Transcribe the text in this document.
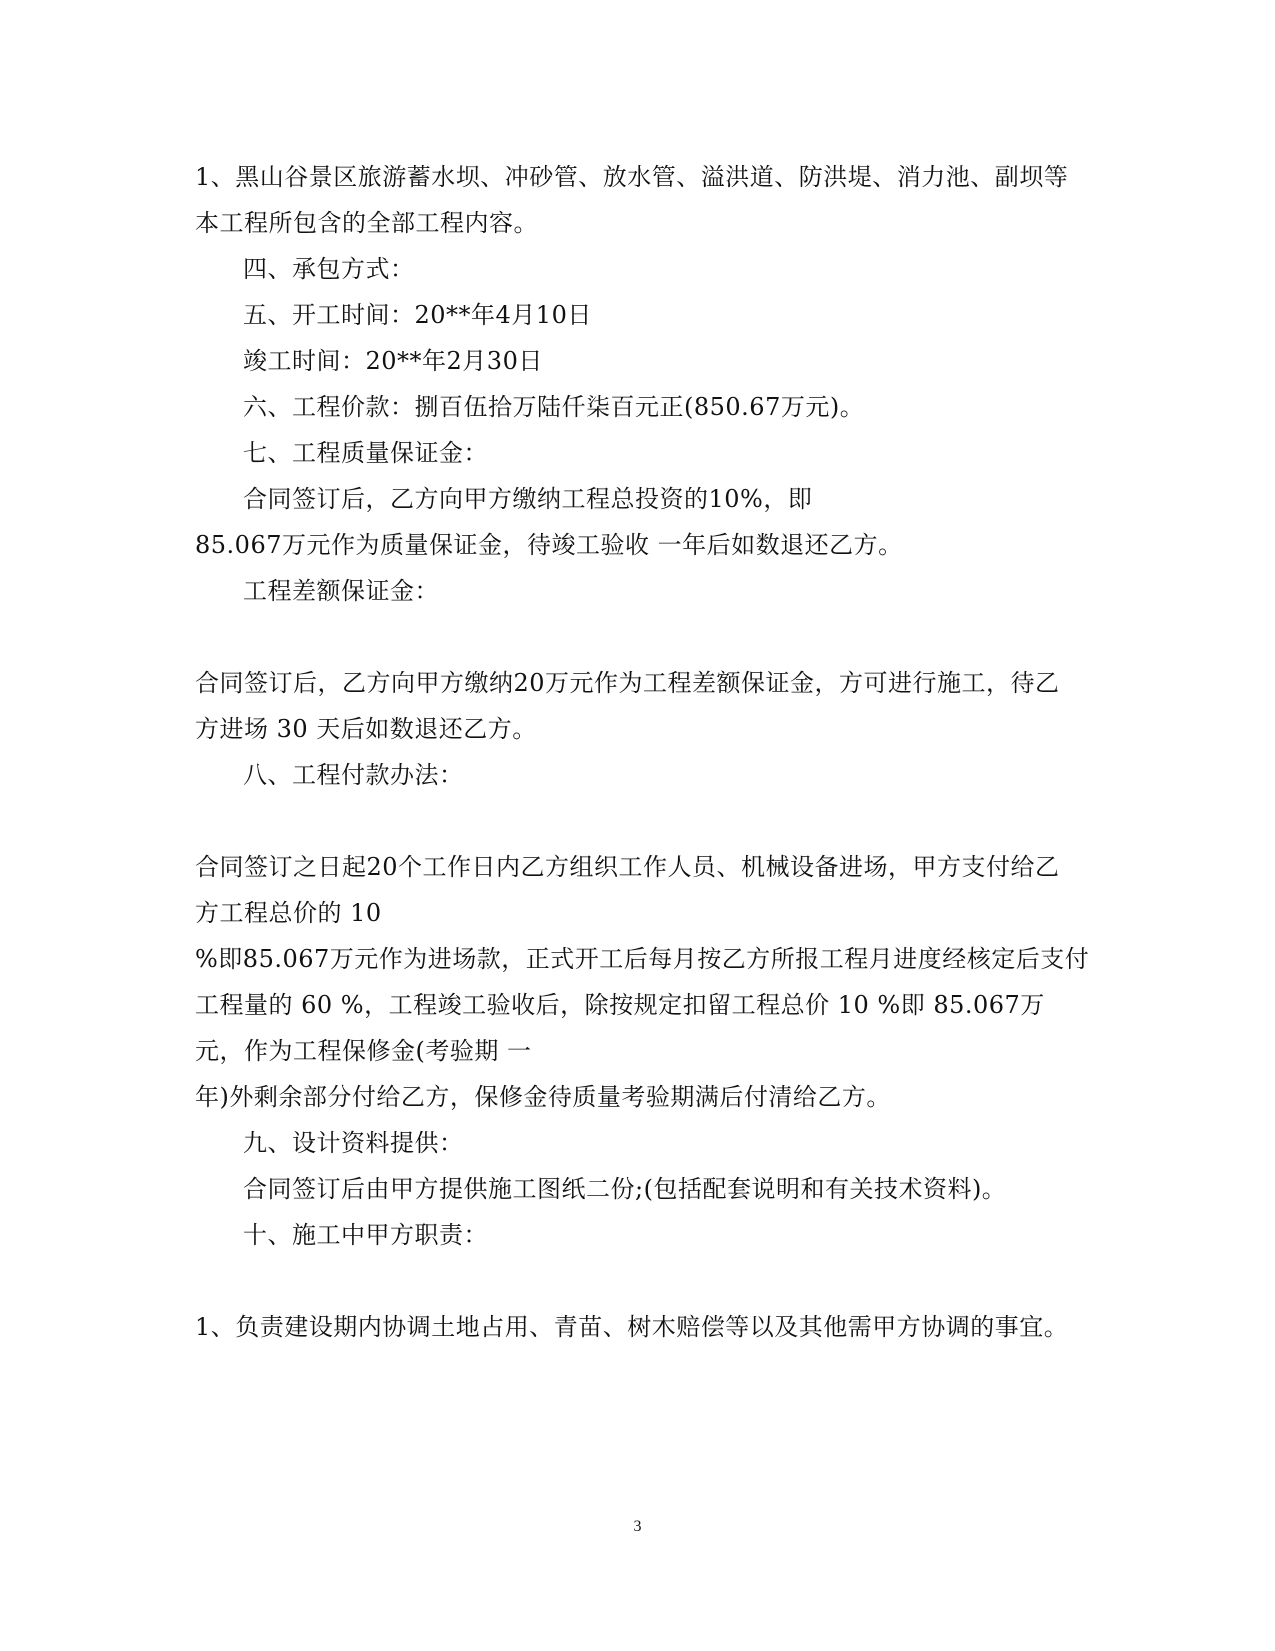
1、黑山谷景区旅游蓄水坝、冲砂管、放水管、溢洪道、防洪堤、消力池、副坝等
本工程所包含的全部工程内容。
四、承包方式：
五、开工时间：20**年4月10日
竣工时间：20**年2月30日
六、工程价款：捌百伍拾万陆仟柒百元正(850.67万元)。
七、工程质量保证金：
合同签订后，乙方向甲方缴纳工程总投资的10%，即
85.067万元作为质量保证金，待竣工验收 一年后如数退还乙方。
工程差额保证金：
合同签订后，乙方向甲方缴纳20万元作为工程差额保证金，方可进行施工，待乙
方进场 30 天后如数退还乙方。
八、工程付款办法：
合同签订之日起20个工作日内乙方组织工作人员、机械设备进场，甲方支付给乙
方工程总价的 10
%即85.067万元作为进场款，正式开工后每月按乙方所报工程月进度经核定后支付
工程量的 60 %，工程竣工验收后，除按规定扣留工程总价 10 %即 85.067万
元，作为工程保修金(考验期 一
年)外剩余部分付给乙方，保修金待质量考验期满后付清给乙方。
九、设计资料提供：
合同签订后由甲方提供施工图纸二份;(包括配套说明和有关技术资料)。
十、施工中甲方职责：
1、负责建设期内协调土地占用、青苗、树木赔偿等以及其他需甲方协调的事宜。
3
